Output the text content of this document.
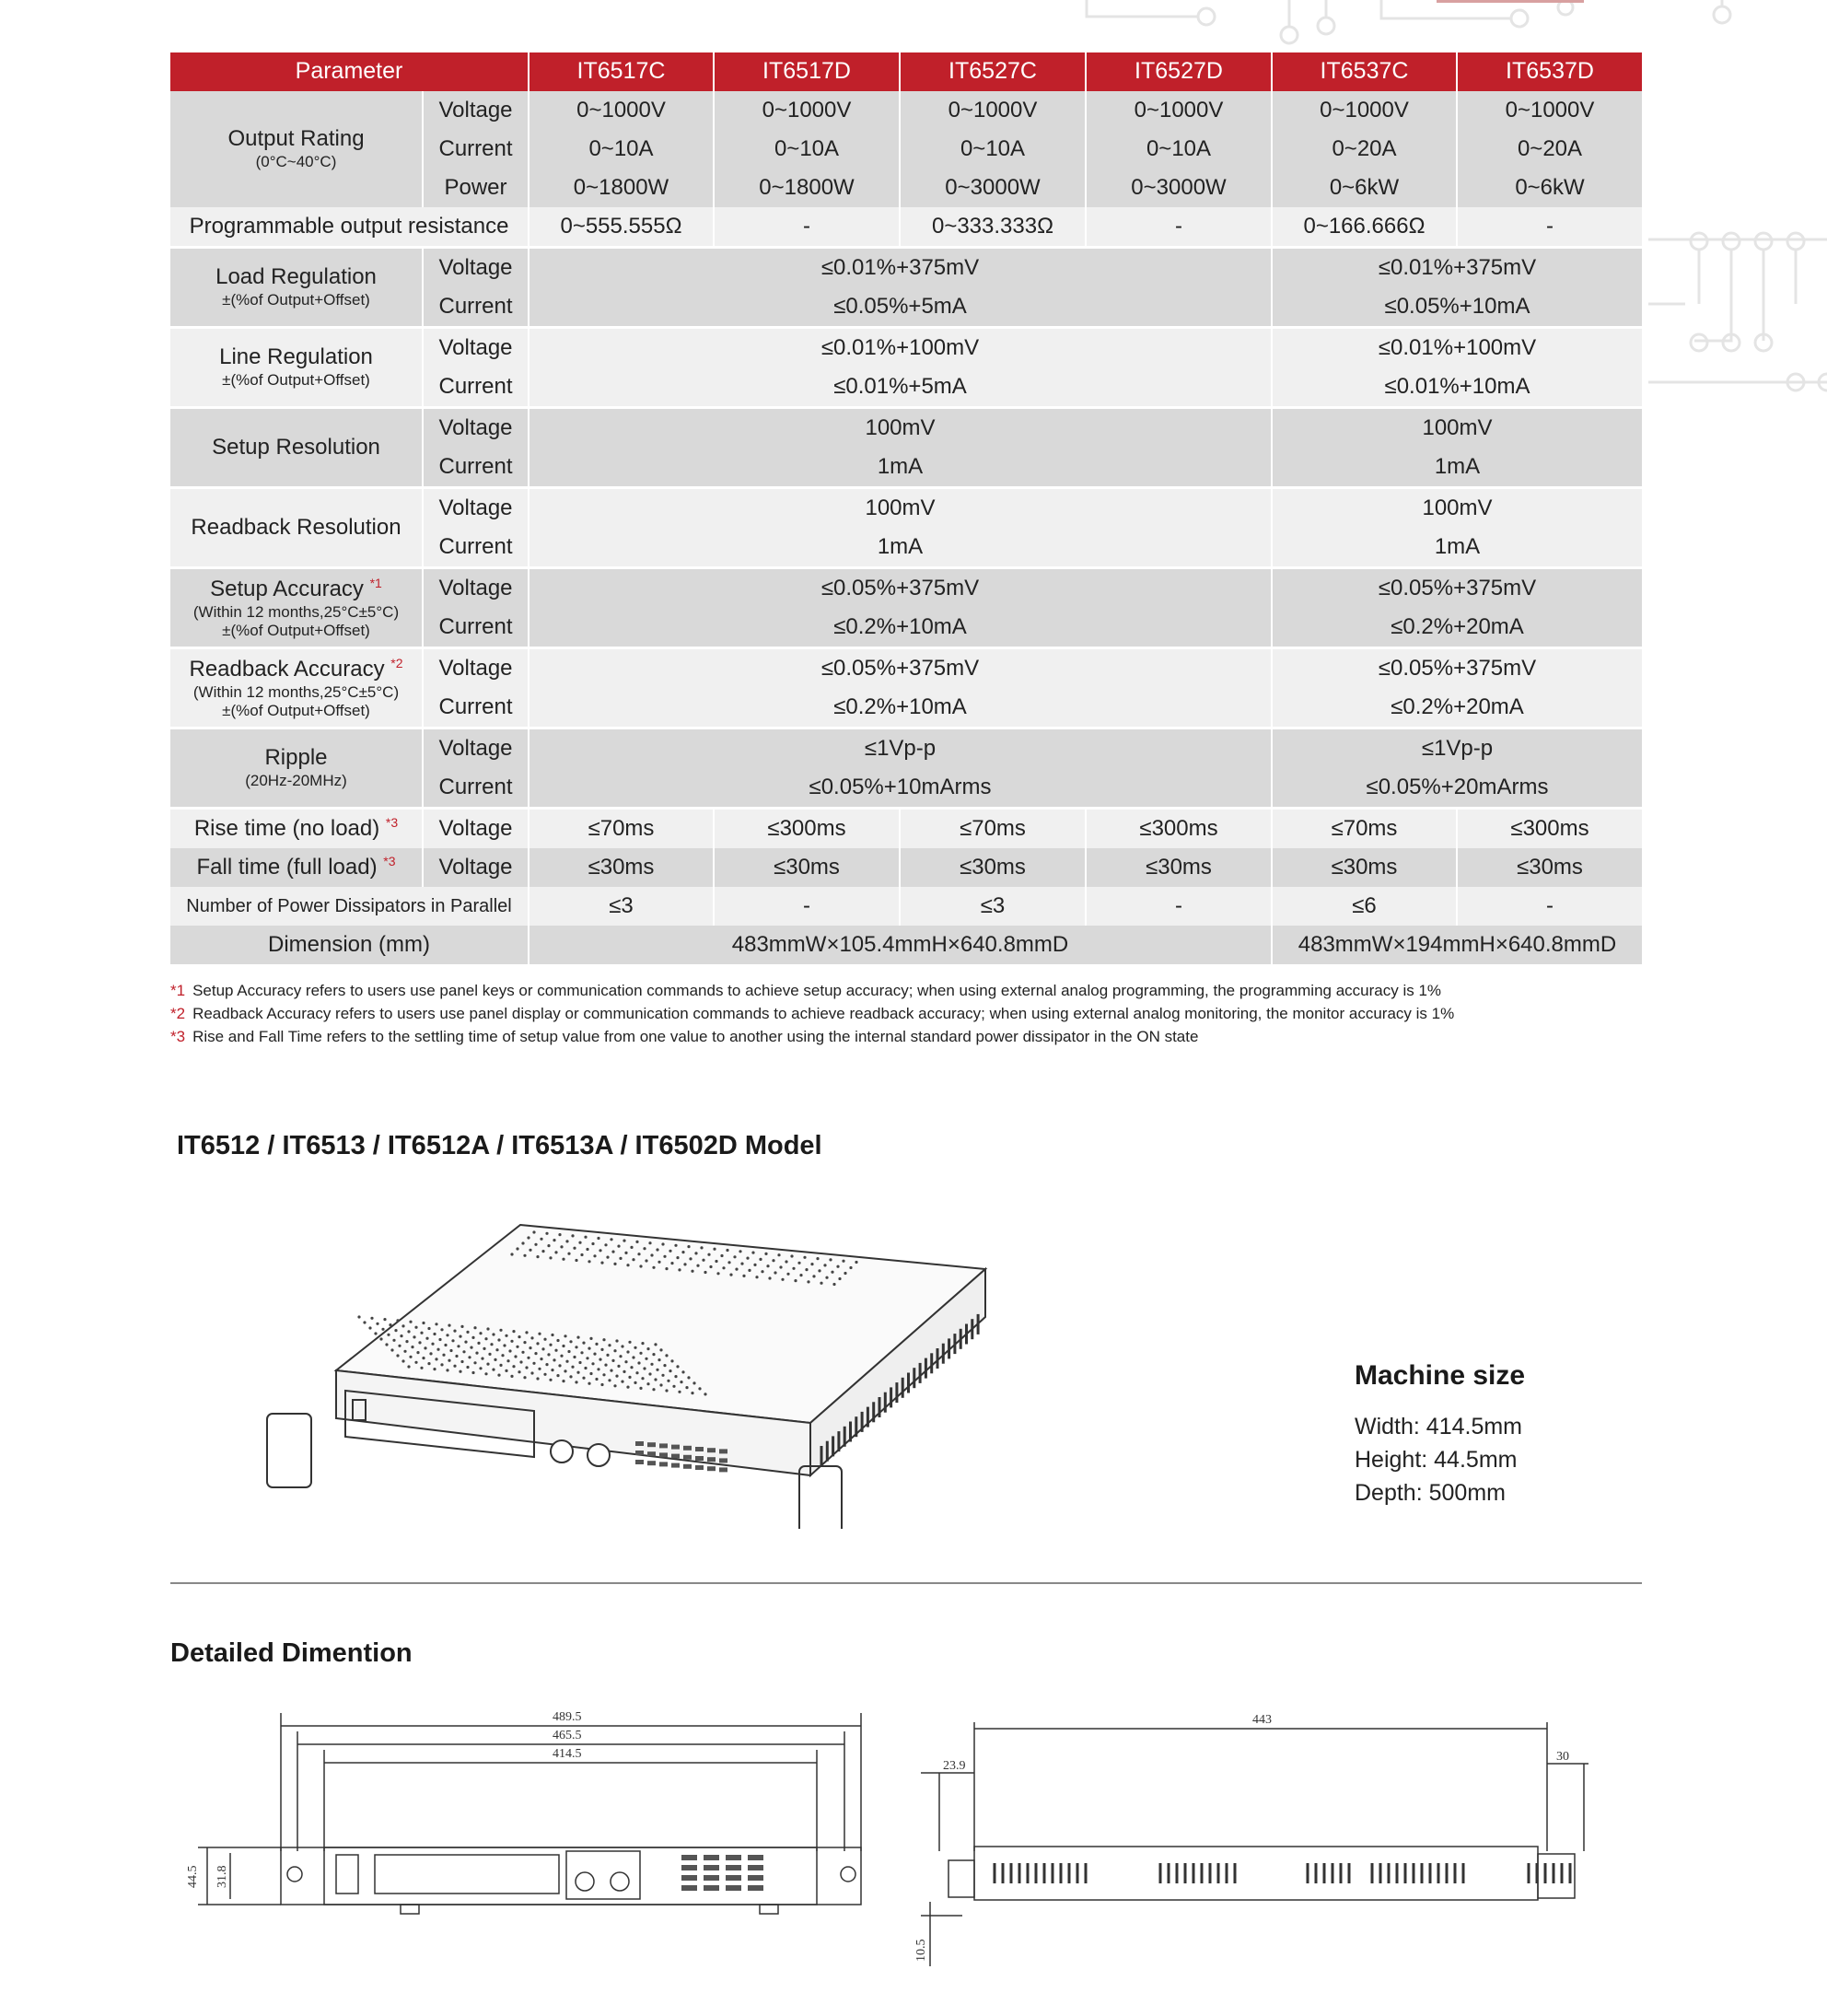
Parameter		IT6517C	IT6517D	IT6527C	IT6527D	IT6537C	IT6537D
Output Rating
(0°C~40°C)	Voltage	0~1000V	0~1000V	0~1000V	0~1000V	0~1000V	0~1000V
	Current	0~10A	0~10A	0~10A	0~10A	0~20A	0~20A
	Power	0~1800W	0~1800W	0~3000W	0~3000W	0~6kW	0~6kW
Programmable output resistance		0~555.555Ω	-	0~333.333Ω	-	0~166.666Ω	-
Load Regulation
±(%of Output+Offset)	Voltage	≤0.01%+375mV				≤0.01%+375mV	
	Current	≤0.05%+5mA				≤0.05%+10mA	
Line Regulation
±(%of Output+Offset)	Voltage	≤0.01%+100mV				≤0.01%+100mV	
	Current	≤0.01%+5mA				≤0.01%+10mA	
Setup Resolution	Voltage	100mV				100mV	
	Current	1mA				1mA	
Readback Resolution	Voltage	100mV				100mV	
	Current	1mA				1mA	
Setup Accuracy $^{*1}$
(Within 12 months,25°C±5°C)
±(%of Output+Offset)	Voltage	≤0.05%+375mV				≤0.05%+375mV	
	Current	≤0.2%+10mA				≤0.2%+20mA	
Readback Accuracy $^{*2}$
(Within 12 months,25°C±5°C)
±(%of Output+Offset)	Voltage	≤0.05%+375mV				≤0.05%+375mV	
	Current	≤0.2%+10mA				≤0.2%+20mA	
Ripple
(20Hz-20MHz)	Voltage	≤1Vp-p				≤1Vp-p	
	Current	≤0.05%+10mArms				≤0.05%+20mArms	
Rise time (no load) $^{*3}$	Voltage	≤70ms	≤300ms	≤70ms	≤300ms	≤70ms	≤300ms
Fall time (full load) $^{*3}$	Voltage	≤30ms	≤30ms	≤30ms	≤30ms	≤30ms	≤30ms
Number of Power Dissipators in Parallel		≤3	-	≤3	-	≤6	-
Dimension (mm)		483mmW×105.4mmH×640.8mmD				483mmW×194mmH×640.8mmD	
*1 Setup Accuracy refers to users use panel keys or communication commands to achieve setup accuracy; when using external analog programming, the programming accuracy is 1%
*2 Readback Accuracy refers to users use panel display or communication commands to achieve readback accuracy; when using external analog monitoring, the monitor accuracy is 1%
*3 Rise and Fall Time refers to the settling time of setup value from one value to another using the internal standard power dissipator in the ON state
IT6512 / IT6513 / IT6512A / IT6513A / IT6502D Model
Machine size
Width: 414.5mm
Height: 44.5mm
Depth: 500mm
Detailed Dimention
489.5
465.5
414.5
44.5 31.8
443
23.9
30
10.5
